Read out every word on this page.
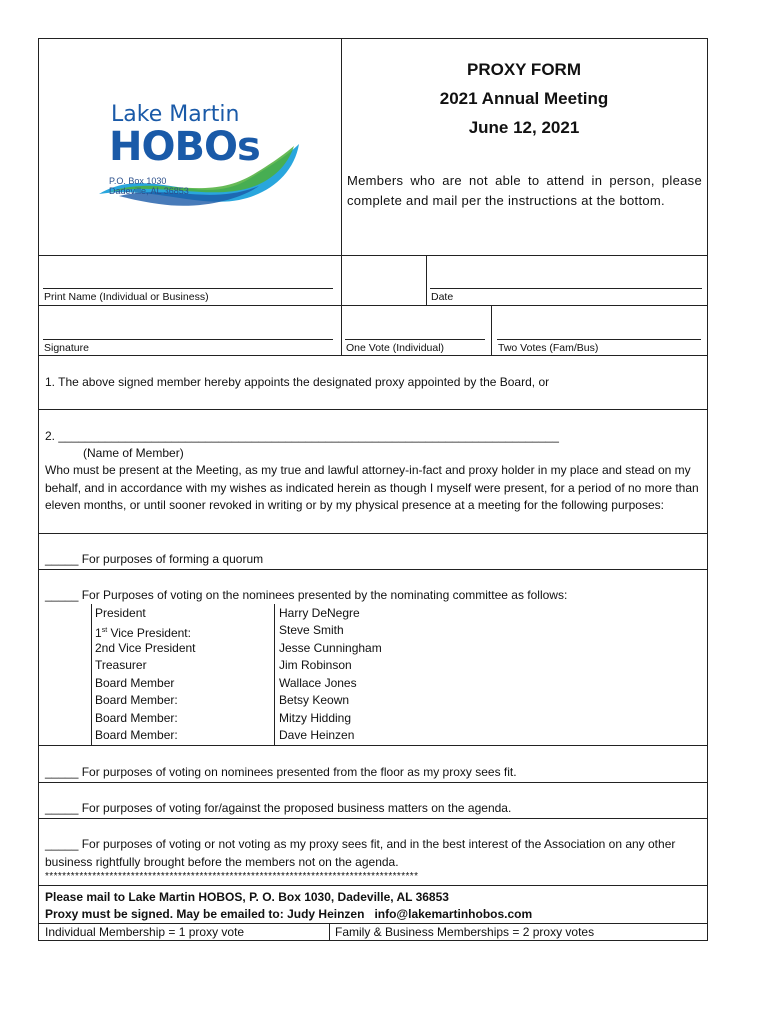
Lake Martin
HOBOs
P.O. Box 1030
Dadeville, AL 36853
PROXY FORM
2021 Annual Meeting
June 12, 2021
Members who are not able to attend in person, please complete and mail per the instructions at the bottom.
Print Name (Individual or Business)	Date
Signature	One Vote (Individual)	Two Votes (Fam/Bus)
1. The above signed member hereby appoints the designated proxy appointed by the Board, or
2. ___________________________________________________________________________
(Name of Member)
Who must be present at the Meeting, as my true and lawful attorney-in-fact and proxy holder in my place and stead on my behalf, and in accordance with my wishes as indicated herein as though I myself were present, for a period of no more than eleven months, or until sooner revoked in writing or by my physical presence at a meeting for the following purposes:
_____ For purposes of forming a quorum
_____ For Purposes of voting on the nominees presented by the nominating committee as follows:
President	Harry DeNegre
1st Vice President:	Steve Smith
2nd Vice President	Jesse Cunningham
Treasurer	Jim Robinson
Board Member	Wallace Jones
Board Member:	Betsy Keown
Board Member:	Mitzy Hidding
Board Member:	Dave Heinzen
_____ For purposes of voting on nominees presented from the floor as my proxy sees fit.
_____ For purposes of voting for/against the proposed business matters on the agenda.
_____ For purposes of voting or not voting as my proxy sees fit, and in the best interest of the Association on any other business rightfully brought before the members not on the agenda.
***************************************************************************************
Please mail to Lake Martin HOBOS, P. O. Box 1030, Dadeville, AL 36853
Proxy must be signed. May be emailed to: Judy Heinzen info@lakemartinhobos.com
Individual Membership = 1 proxy vote	Family & Business Memberships = 2 proxy votes
